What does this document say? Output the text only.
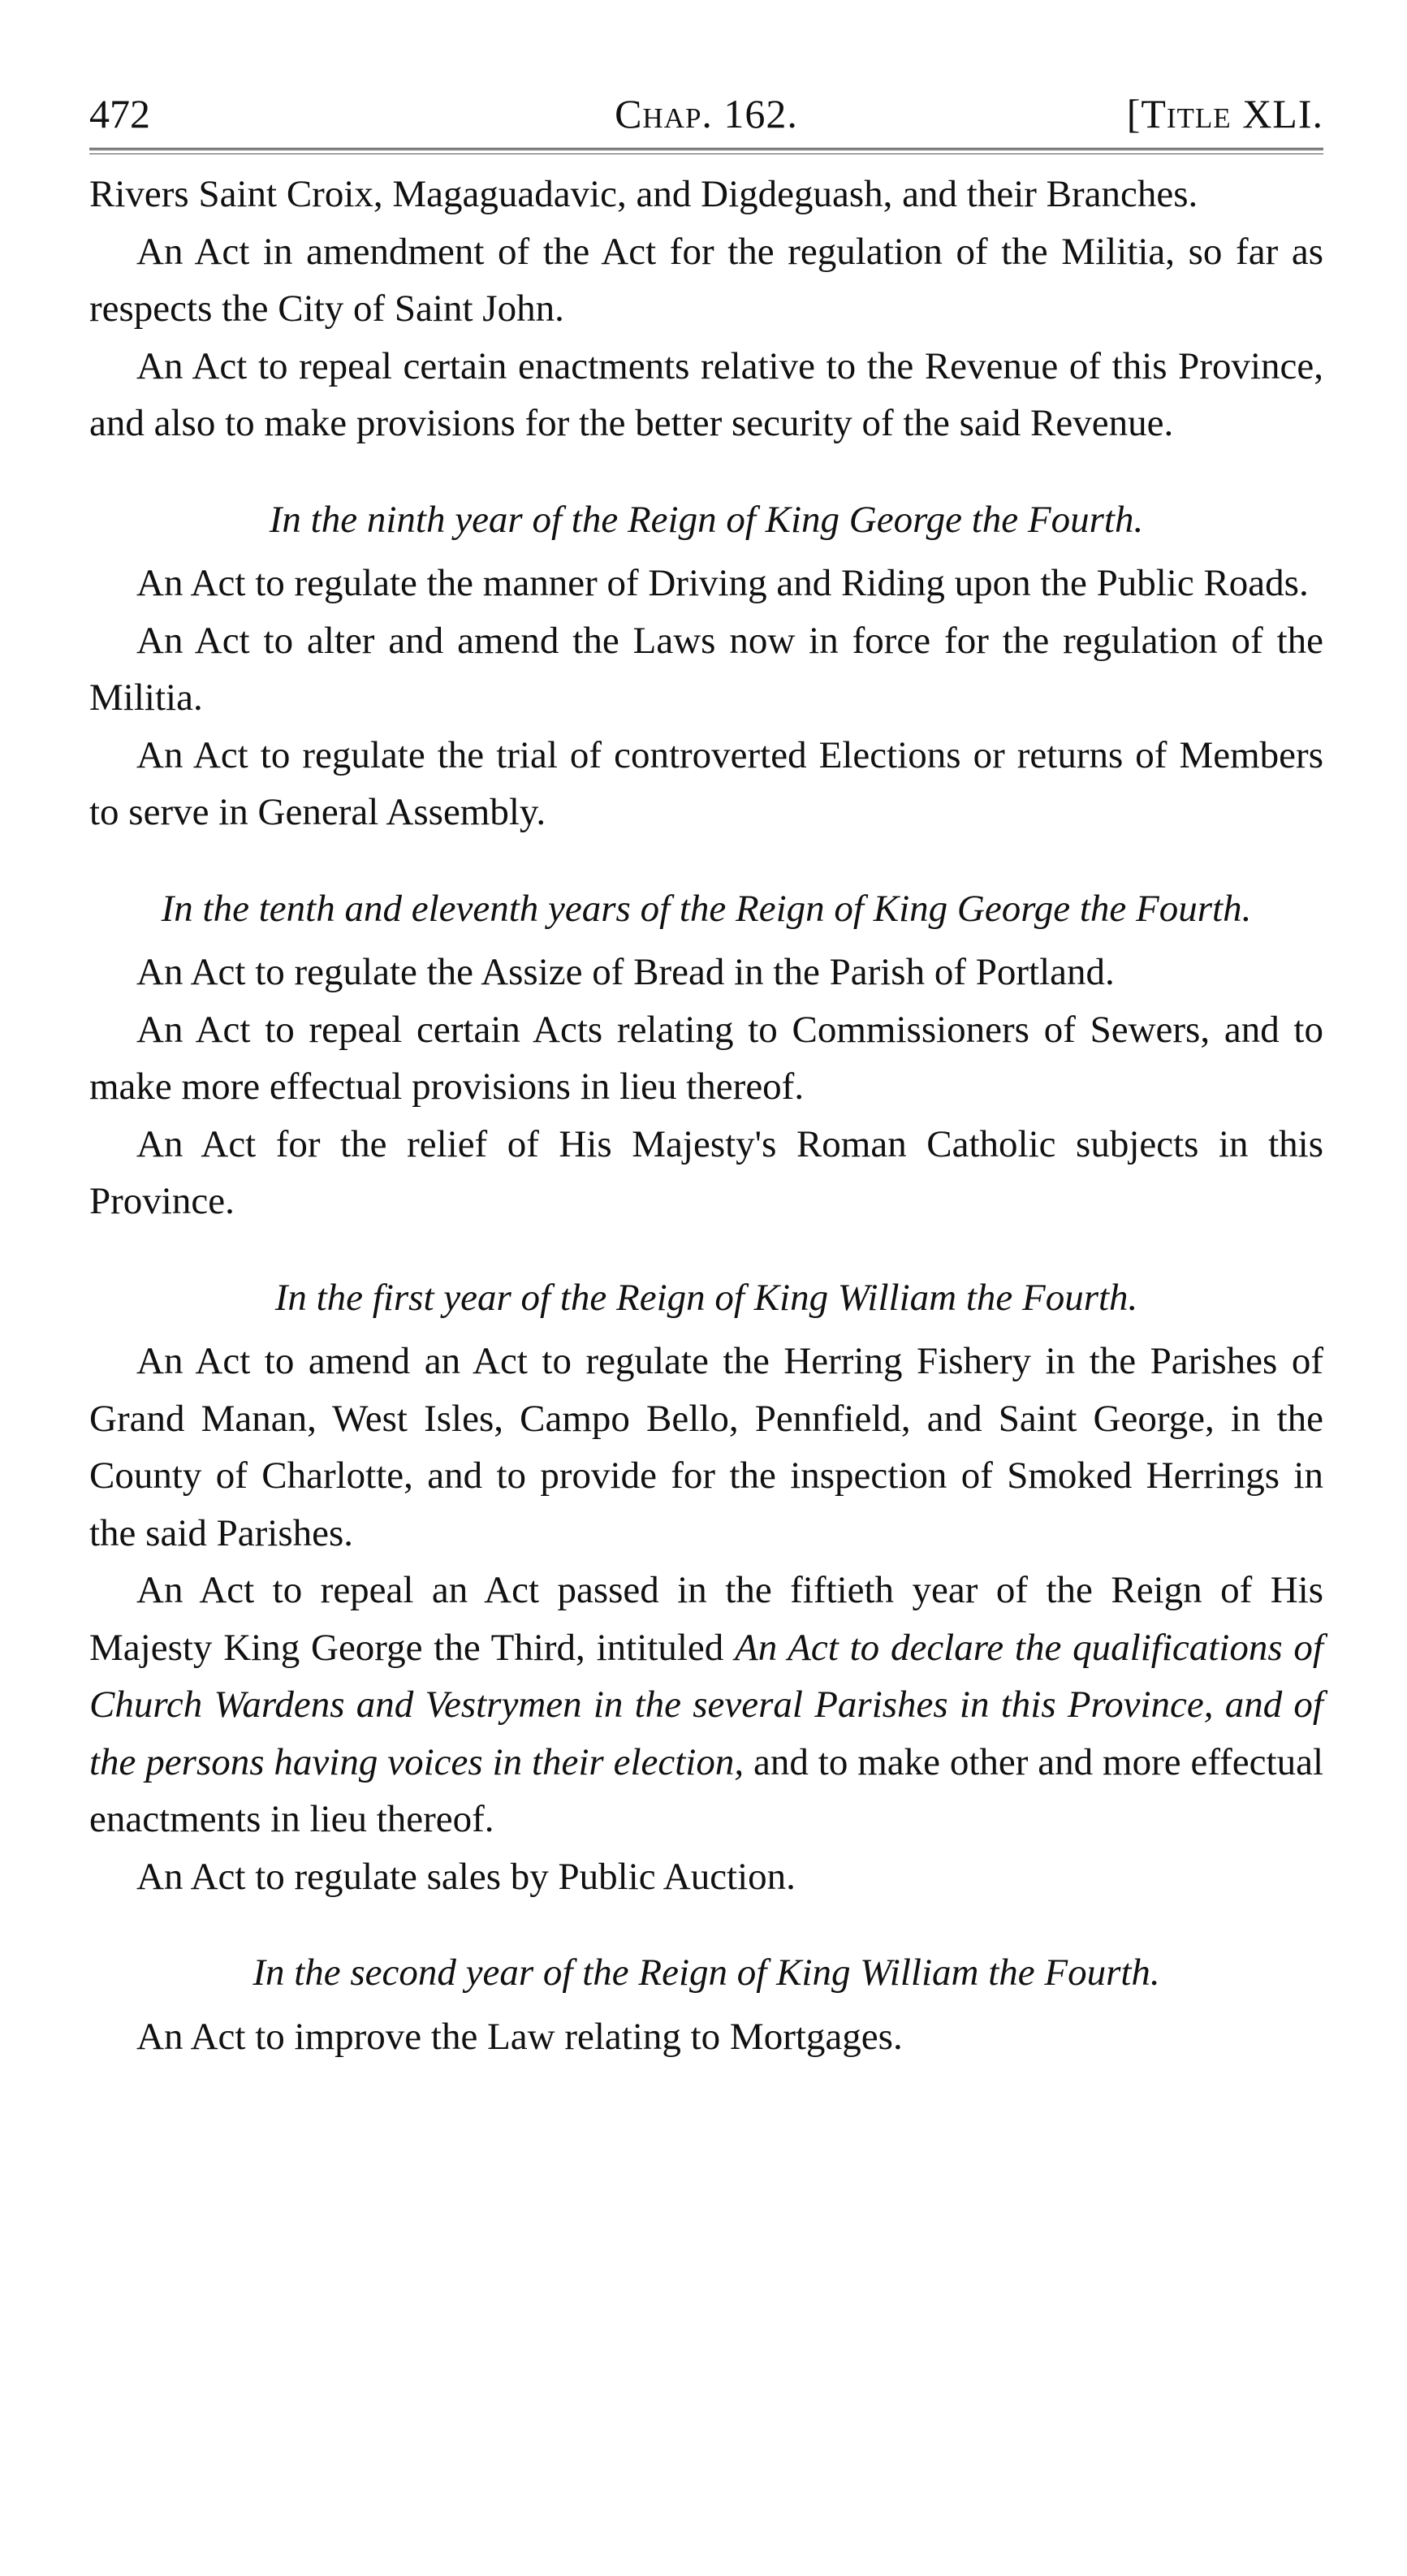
472	Chap. 162.	[Title XLI.

Rivers Saint Croix, Magaguadavic, and Digdeguash, and their Branches.

An Act in amendment of the Act for the regulation of the Militia, so far as respects the City of Saint John.

An Act to repeal certain enactments relative to the Revenue of this Province, and also to make provisions for the better security of the said Revenue.

In the ninth year of the Reign of King George the Fourth.

An Act to regulate the manner of Driving and Riding upon the Public Roads.

An Act to alter and amend the Laws now in force for the regulation of the Militia.

An Act to regulate the trial of controverted Elections or returns of Members to serve in General Assembly.

In the tenth and eleventh years of the Reign of King George the Fourth.

An Act to regulate the Assize of Bread in the Parish of Portland.

An Act to repeal certain Acts relating to Commissioners of Sewers, and to make more effectual provisions in lieu thereof.

An Act for the relief of His Majesty's Roman Catholic subjects in this Province.

In the first year of the Reign of King William the Fourth.

An Act to amend an Act to regulate the Herring Fishery in the Parishes of Grand Manan, West Isles, Campo Bello, Pennfield, and Saint George, in the County of Charlotte, and to provide for the inspection of Smoked Herrings in the said Parishes.

An Act to repeal an Act passed in the fiftieth year of the Reign of His Majesty King George the Third, intituled An Act to declare the qualifications of Church Wardens and Vestrymen in the several Parishes in this Province, and of the persons having voices in their election, and to make other and more effectual enactments in lieu thereof.

An Act to regulate sales by Public Auction.

In the second year of the Reign of King William the Fourth.

An Act to improve the Law relating to Mortgages.
